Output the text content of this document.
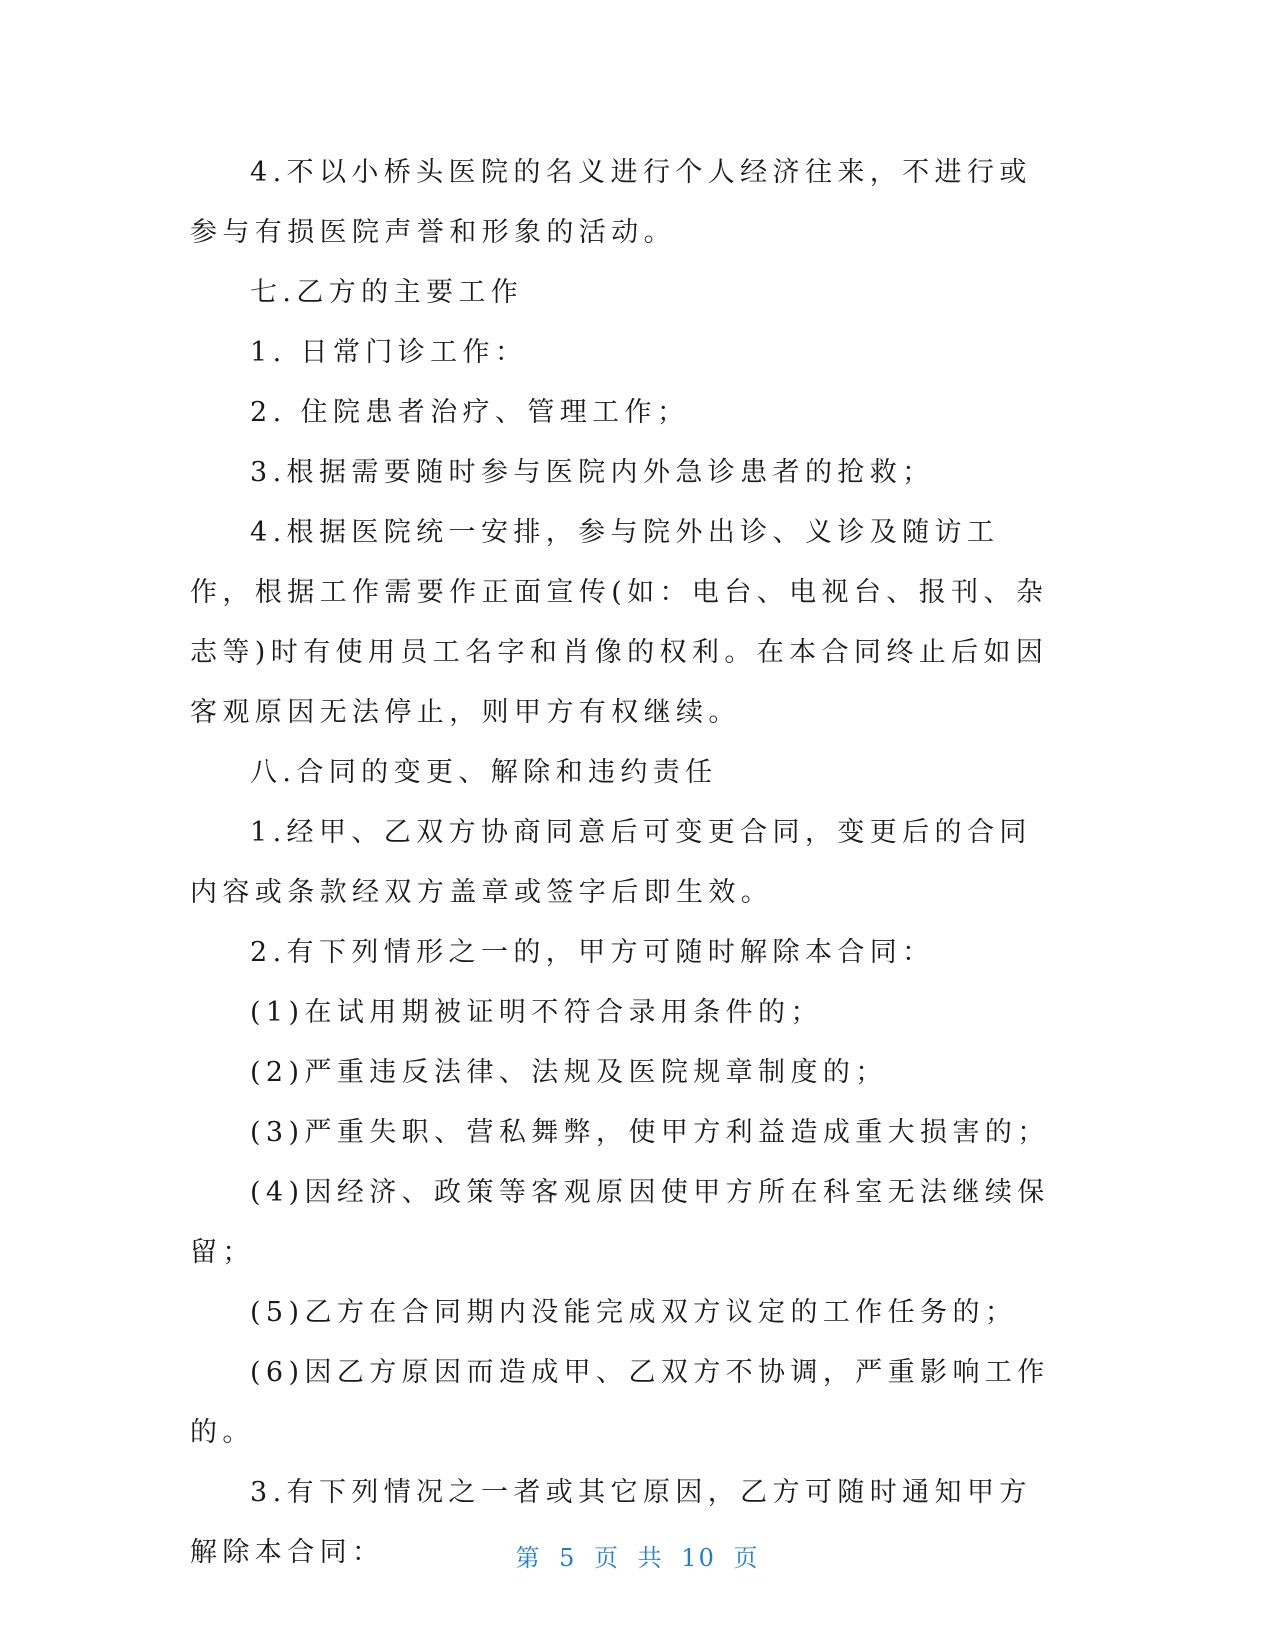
4.不以小桥头医院的名义进行个人经济往来，不进行或参与有损医院声誉和形象的活动。

七.乙方的主要工作

1. 日常门诊工作：

2. 住院患者治疗、管理工作；

3.根据需要随时参与医院内外急诊患者的抢救；

4.根据医院统一安排，参与院外出诊、义诊及随访工作，根据工作需要作正面宣传(如：电台、电视台、报刊、杂志等)时有使用员工名字和肖像的权利。在本合同终止后如因客观原因无法停止，则甲方有权继续。

八.合同的变更、解除和违约责任

1.经甲、乙双方协商同意后可变更合同，变更后的合同内容或条款经双方盖章或签字后即生效。

2.有下列情形之一的，甲方可随时解除本合同：

(1)在试用期被证明不符合录用条件的；

(2)严重违反法律、法规及医院规章制度的；

(3)严重失职、营私舞弊，使甲方利益造成重大损害的；

(4)因经济、政策等客观原因使甲方所在科室无法继续保留；

(5)乙方在合同期内没能完成双方议定的工作任务的；

(6)因乙方原因而造成甲、乙双方不协调，严重影响工作的。

3.有下列情况之一者或其它原因，乙方可随时通知甲方解除本合同：	第 5 页 共 10 页
